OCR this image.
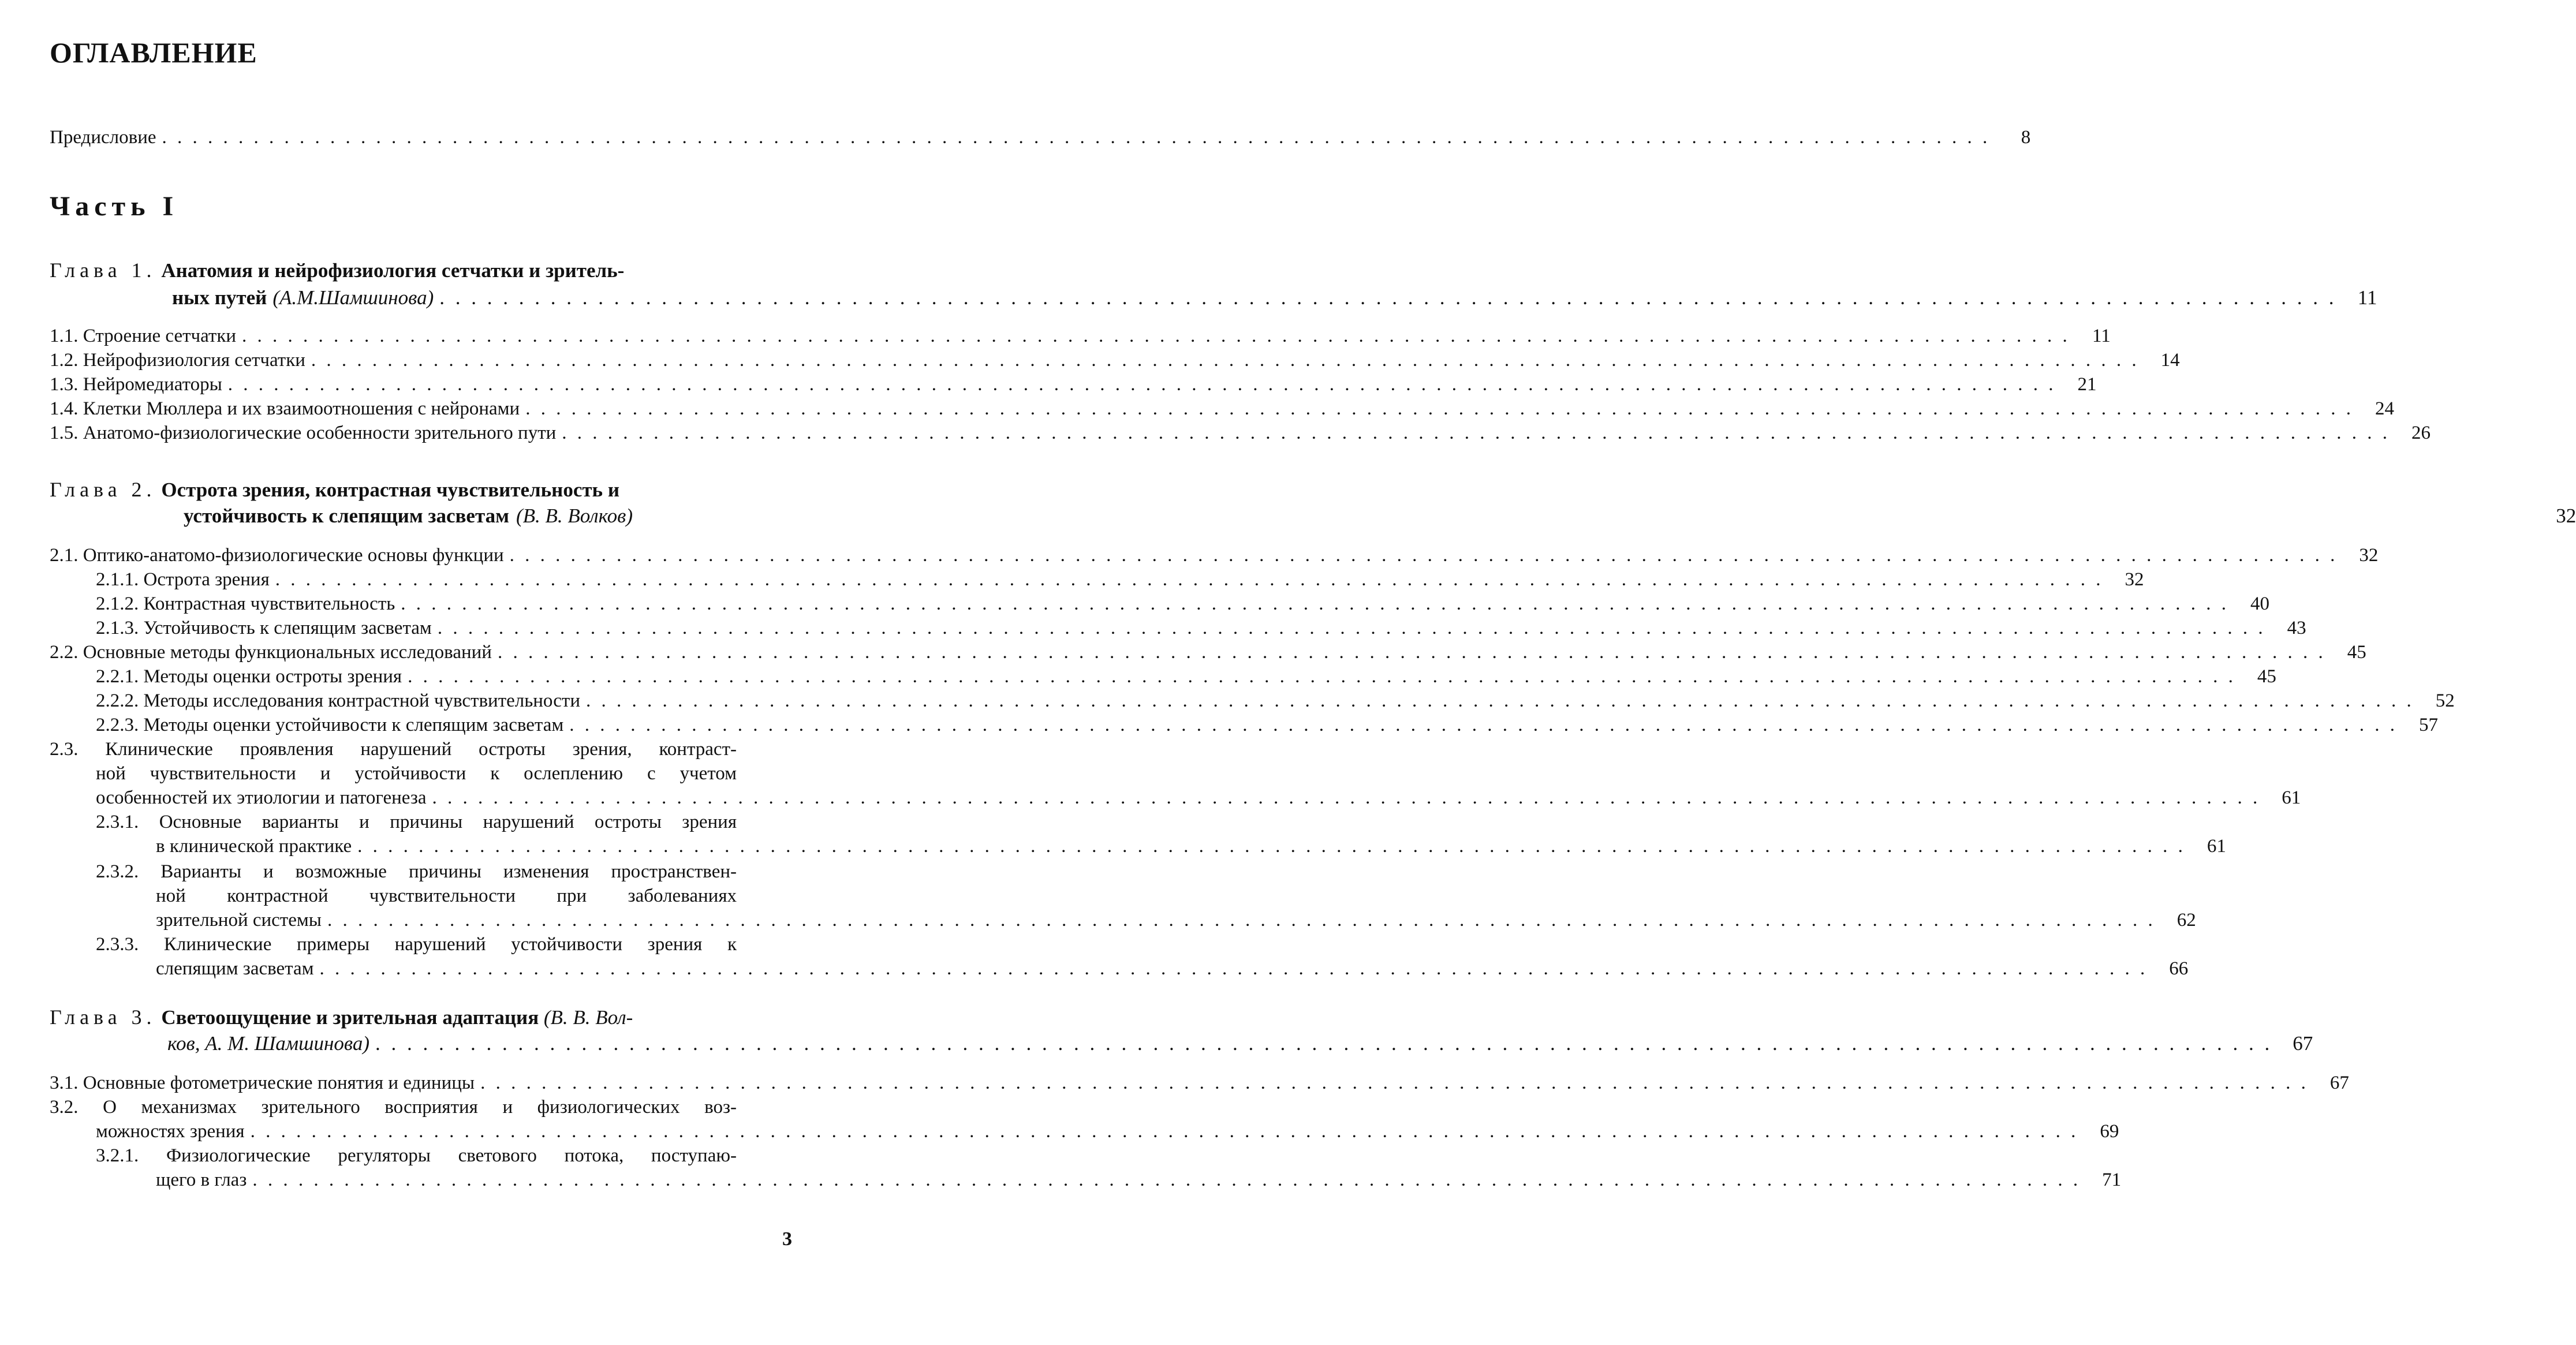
ОГЛАВЛЕНИЕ
Предисловие . . . . . . . . . . . . . . . . . . . . . . . . . . . . . . . . . . . . . . . . . . . . . . . . . . . . . . . . . . . . . . . . . . . . . . . . . . . . . . . . . . . . . . . . . . . . . . . . . . . . . . . . . . . . . . . . . . . . . . . .	8
Часть I
Глава 1. Анатомия и нейрофизиология сетчатки и зритель-
ных путей (А.М.Шамшинова) . . . . . . . . . . . . . . . . . . . . . . . . . . . . . . . . . . . . . . . . . . . . . . . . . . . . . . . . . . . . . . . . . . . . . . . . . . . . . . . . . . . . . . . . . . . . . . . . . . . . . . . . . . . . . . . . . . . . . . . .	11
1.1. Строение сетчатки . . . . . . . . . . . . . . . . . . . . . . . . . . . . . . . . . . . . . . . . . . . . . . . . . . . . . . . . . . . . . . . . . . . . . . . . . . . . . . . . . . . . . . . . . . . . . . . . . . . . . . . . . . . . . . . . . . . . . . . .	11
1.2. Нейрофизиология сетчатки . . . . . . . . . . . . . . . . . . . . . . . . . . . . . . . . . . . . . . . . . . . . . . . . . . . . . . . . . . . . . . . . . . . . . . . . . . . . . . . . . . . . . . . . . . . . . . . . . . . . . . . . . . . . . . . . . . . . . . . .	14
1.3. Нейромедиаторы . . . . . . . . . . . . . . . . . . . . . . . . . . . . . . . . . . . . . . . . . . . . . . . . . . . . . . . . . . . . . . . . . . . . . . . . . . . . . . . . . . . . . . . . . . . . . . . . . . . . . . . . . . . . . . . . . . . . . . . .	21
1.4. Клетки Мюллера и их взаимоотношения с нейронами . . . . . . . . . . . . . . . . . . . . . . . . . . . . . . . . . . . . . . . . . . . . . . . . . . . . . . . . . . . . . . . . . . . . . . . . . . . . . . . . . . . . . . . . . . . . . . . . . . . . . . . . . . . . . . . . . . . . . . . .	24
1.5. Анатомо-физиологические особенности зрительного пути . . . . . . . . . . . . . . . . . . . . . . . . . . . . . . . . . . . . . . . . . . . . . . . . . . . . . . . . . . . . . . . . . . . . . . . . . . . . . . . . . . . . . . . . . . . . . . . . . . . . . . . . . . . . . . . . . . . . . . . .	26
Глава 2. Острота зрения, контрастная чувствительность и
устойчивость к слепящим засветам (В. В. Волков)	32
2.1. Оптико-анатомо-физиологические основы функции . . . . . . . . . . . . . . . . . . . . . . . . . . . . . . . . . . . . . . . . . . . . . . . . . . . . . . . . . . . . . . . . . . . . . . . . . . . . . . . . . . . . . . . . . . . . . . . . . . . . . . . . . . . . . . . . . . . . . . . .	32
2.1.1. Острота зрения . . . . . . . . . . . . . . . . . . . . . . . . . . . . . . . . . . . . . . . . . . . . . . . . . . . . . . . . . . . . . . . . . . . . . . . . . . . . . . . . . . . . . . . . . . . . . . . . . . . . . . . . . . . . . . . . . . . . . . . .	32
2.1.2. Контрастная чувствительность . . . . . . . . . . . . . . . . . . . . . . . . . . . . . . . . . . . . . . . . . . . . . . . . . . . . . . . . . . . . . . . . . . . . . . . . . . . . . . . . . . . . . . . . . . . . . . . . . . . . . . . . . . . . . . . . . . . . . . . .	40
2.1.3. Устойчивость к слепящим засветам . . . . . . . . . . . . . . . . . . . . . . . . . . . . . . . . . . . . . . . . . . . . . . . . . . . . . . . . . . . . . . . . . . . . . . . . . . . . . . . . . . . . . . . . . . . . . . . . . . . . . . . . . . . . . . . . . . . . . . . .	43
2.2. Основные методы функциональных исследований . . . . . . . . . . . . . . . . . . . . . . . . . . . . . . . . . . . . . . . . . . . . . . . . . . . . . . . . . . . . . . . . . . . . . . . . . . . . . . . . . . . . . . . . . . . . . . . . . . . . . . . . . . . . . . . . . . . . . . . .	45
2.2.1. Методы оценки остроты зрения . . . . . . . . . . . . . . . . . . . . . . . . . . . . . . . . . . . . . . . . . . . . . . . . . . . . . . . . . . . . . . . . . . . . . . . . . . . . . . . . . . . . . . . . . . . . . . . . . . . . . . . . . . . . . . . . . . . . . . . .	45
2.2.2. Методы исследования контрастной чувствительности . . . . . . . . . . . . . . . . . . . . . . . . . . . . . . . . . . . . . . . . . . . . . . . . . . . . . . . . . . . . . . . . . . . . . . . . . . . . . . . . . . . . . . . . . . . . . . . . . . . . . . . . . . . . . . . . . . . . . . . .	52
2.2.3. Методы оценки устойчивости к слепящим засветам . . . . . . . . . . . . . . . . . . . . . . . . . . . . . . . . . . . . . . . . . . . . . . . . . . . . . . . . . . . . . . . . . . . . . . . . . . . . . . . . . . . . . . . . . . . . . . . . . . . . . . . . . . . . . . . . . . . . . . . .	57
2.3. Клинические проявления нарушений остроты зрения, контраст-
ной чувствительности и устойчивости к ослеплению с учетом
особенностей их этиологии и патогенеза . . . . . . . . . . . . . . . . . . . . . . . . . . . . . . . . . . . . . . . . . . . . . . . . . . . . . . . . . . . . . . . . . . . . . . . . . . . . . . . . . . . . . . . . . . . . . . . . . . . . . . . . . . . . . . . . . . . . . . . .	61
2.3.1. Основные варианты и причины нарушений остроты зрения
в клинической практике . . . . . . . . . . . . . . . . . . . . . . . . . . . . . . . . . . . . . . . . . . . . . . . . . . . . . . . . . . . . . . . . . . . . . . . . . . . . . . . . . . . . . . . . . . . . . . . . . . . . . . . . . . . . . . . . . . . . . . . .	61
2.3.2. Варианты и возможные причины изменения пространствен-
ной контрастной чувствительности при заболеваниях
зрительной системы . . . . . . . . . . . . . . . . . . . . . . . . . . . . . . . . . . . . . . . . . . . . . . . . . . . . . . . . . . . . . . . . . . . . . . . . . . . . . . . . . . . . . . . . . . . . . . . . . . . . . . . . . . . . . . . . . . . . . . . .	62
2.3.3. Клинические примеры нарушений устойчивости зрения к
слепящим засветам . . . . . . . . . . . . . . . . . . . . . . . . . . . . . . . . . . . . . . . . . . . . . . . . . . . . . . . . . . . . . . . . . . . . . . . . . . . . . . . . . . . . . . . . . . . . . . . . . . . . . . . . . . . . . . . . . . . . . . . .	66
Глава 3. Светоощущение и зрительная адаптация (В. В. Вол-
ков, А. М. Шамшинова) . . . . . . . . . . . . . . . . . . . . . . . . . . . . . . . . . . . . . . . . . . . . . . . . . . . . . . . . . . . . . . . . . . . . . . . . . . . . . . . . . . . . . . . . . . . . . . . . . . . . . . . . . . . . . . . . . . . . . . . .	67
3.1. Основные фотометрические понятия и единицы . . . . . . . . . . . . . . . . . . . . . . . . . . . . . . . . . . . . . . . . . . . . . . . . . . . . . . . . . . . . . . . . . . . . . . . . . . . . . . . . . . . . . . . . . . . . . . . . . . . . . . . . . . . . . . . . . . . . . . . .	67
3.2. О механизмах зрительного восприятия и физиологических воз-
можностях зрения . . . . . . . . . . . . . . . . . . . . . . . . . . . . . . . . . . . . . . . . . . . . . . . . . . . . . . . . . . . . . . . . . . . . . . . . . . . . . . . . . . . . . . . . . . . . . . . . . . . . . . . . . . . . . . . . . . . . . . . .	69
3.2.1. Физиологические регуляторы светового потока, поступаю-
щего в глаз . . . . . . . . . . . . . . . . . . . . . . . . . . . . . . . . . . . . . . . . . . . . . . . . . . . . . . . . . . . . . . . . . . . . . . . . . . . . . . . . . . . . . . . . . . . . . . . . . . . . . . . . . . . . . . . . . . . . . . . .	71
3
